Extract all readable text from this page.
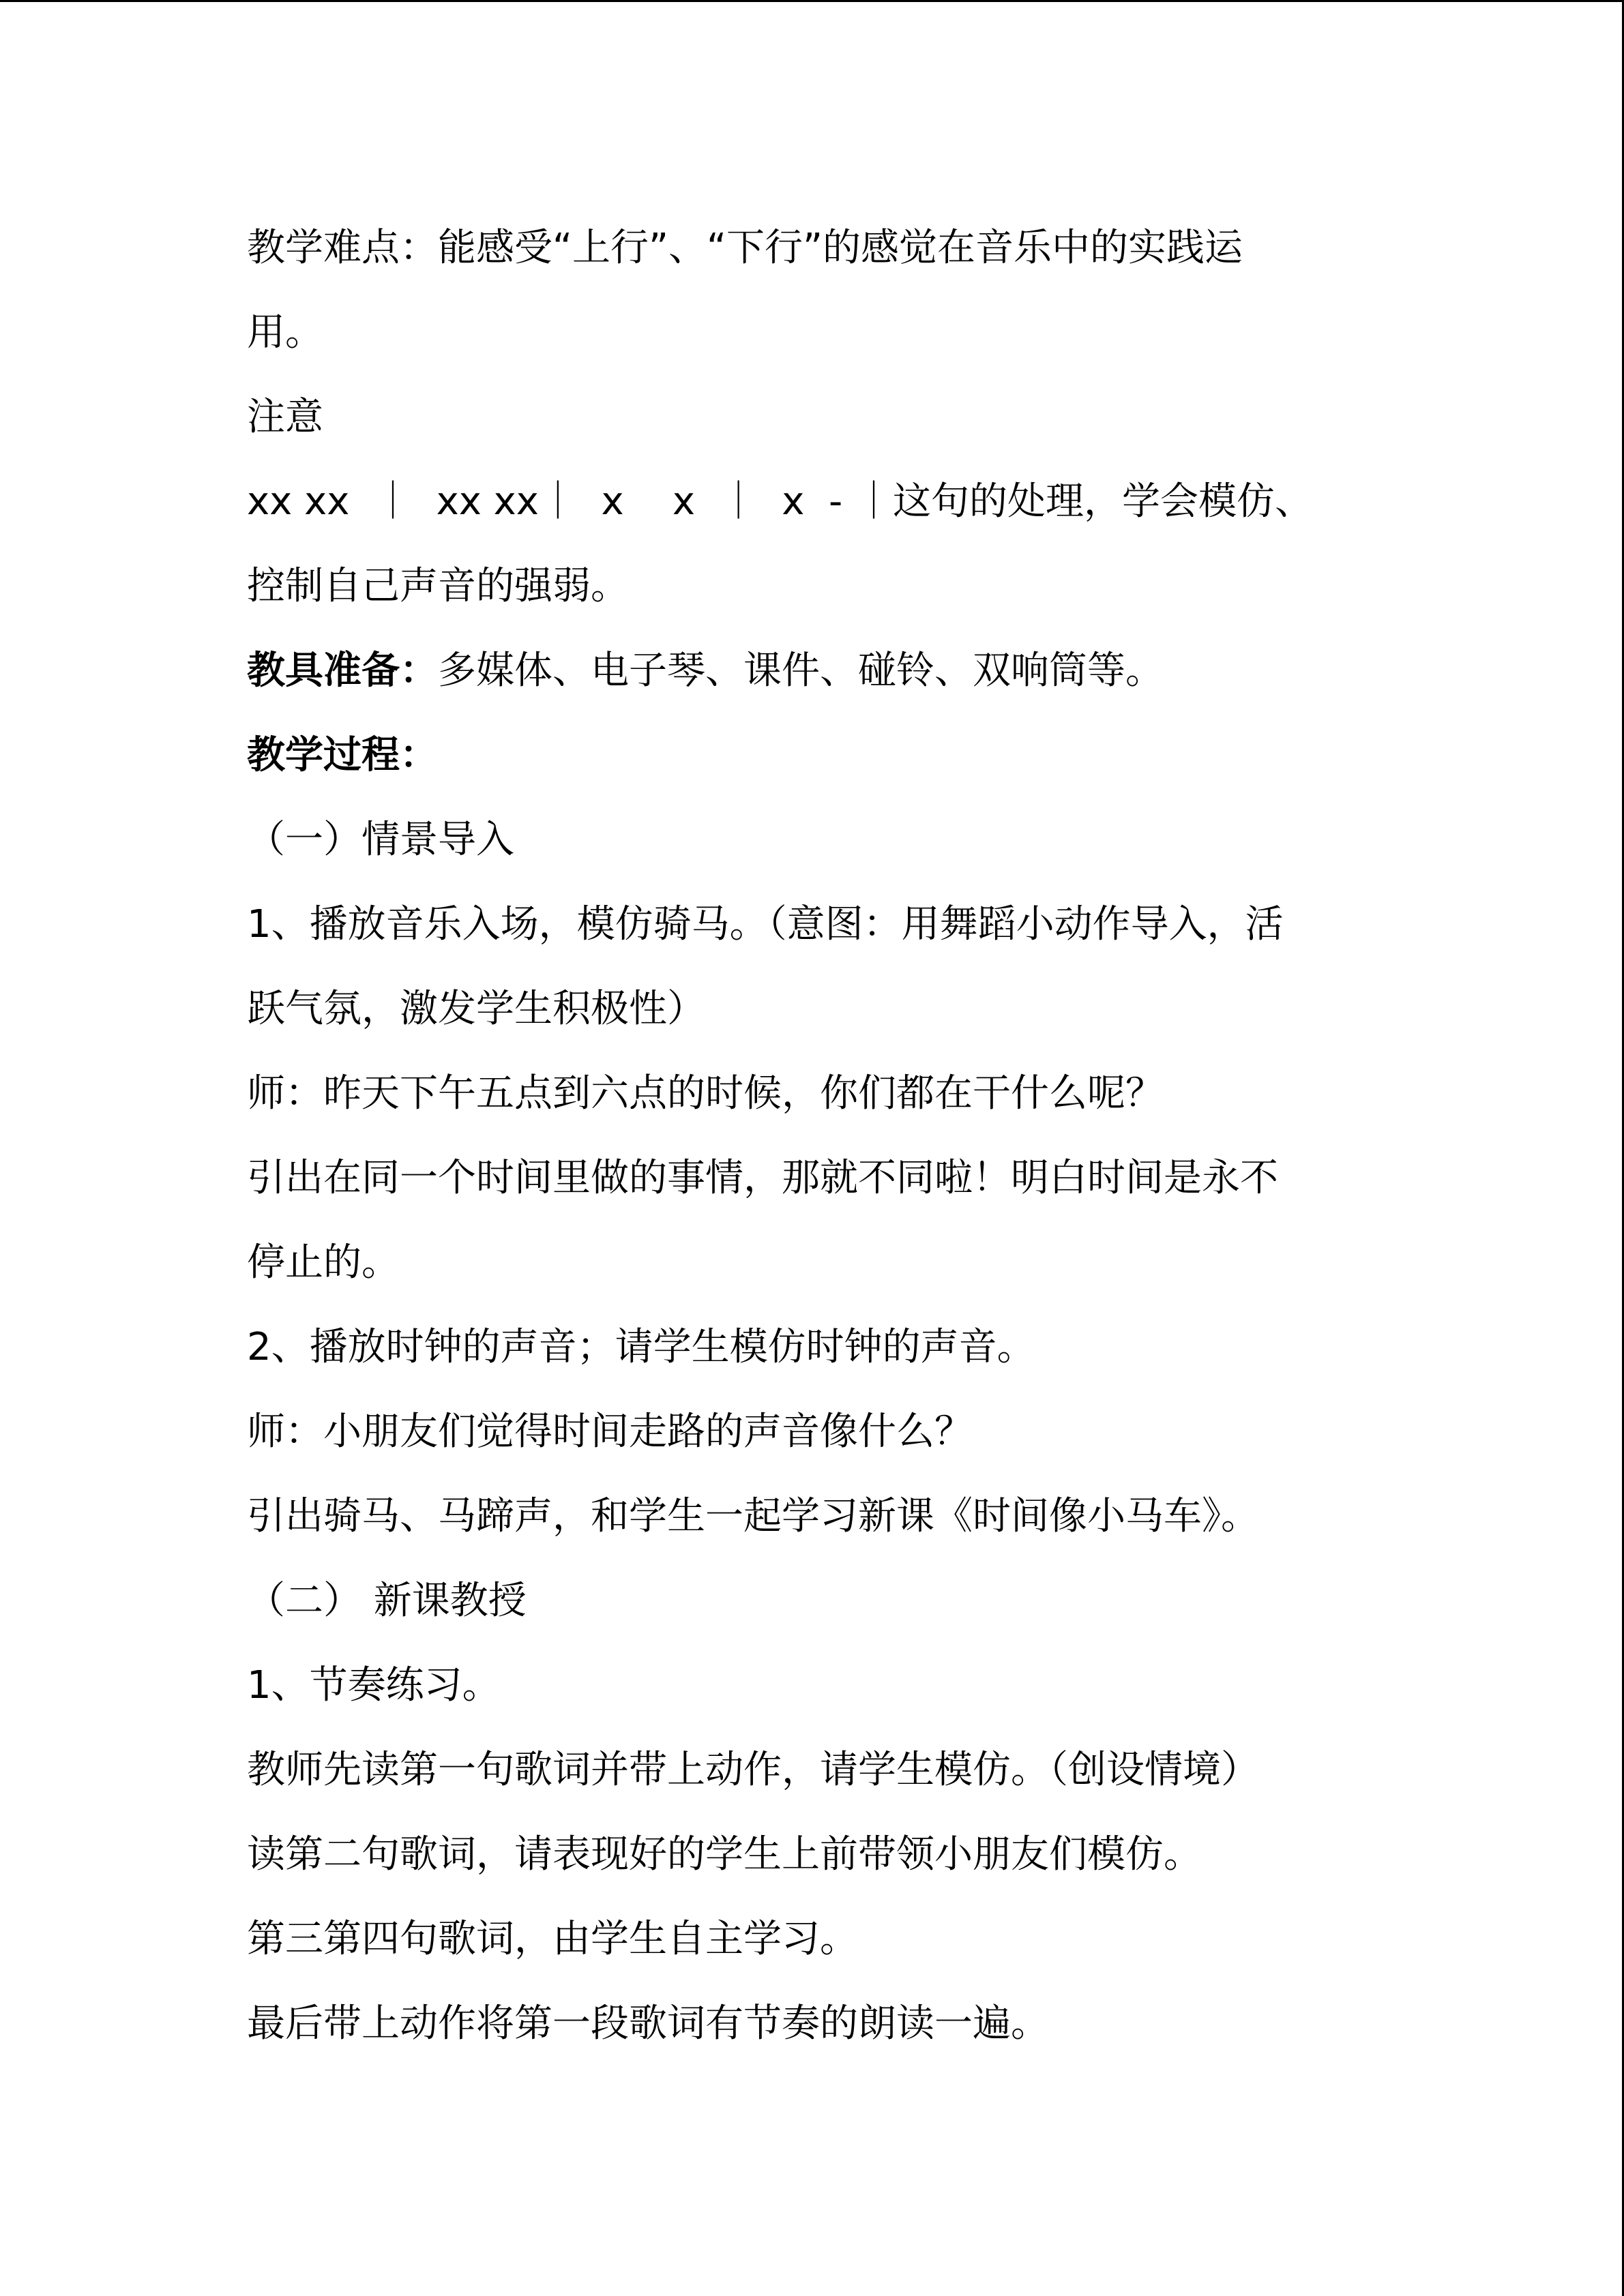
教学难点：能感受“上行”、“下行”的感觉在音乐中的实践运
用。
注意
xx xx  ｜  xx xx｜  x    x  ｜  x  - ｜这句的处理，学会模仿、
控制自己声音的强弱。
教具准备：多媒体、电子琴、课件、碰铃、双响筒等。
教学过程：
（一）情景导入
1、播放音乐入场，模仿骑马。（意图：用舞蹈小动作导入，活
跃气氛，激发学生积极性）
师：昨天下午五点到六点的时候，你们都在干什么呢？
引出在同一个时间里做的事情，那就不同啦！明白时间是永不
停止的。
2、播放时钟的声音；请学生模仿时钟的声音。
师：小朋友们觉得时间走路的声音像什么？
引出骑马、马蹄声，和学生一起学习新课《时间像小马车》。
（二） 新课教授
1、节奏练习。
教师先读第一句歌词并带上动作，请学生模仿。（创设情境）
读第二句歌词，请表现好的学生上前带领小朋友们模仿。
第三第四句歌词，由学生自主学习。
最后带上动作将第一段歌词有节奏的朗读一遍。
